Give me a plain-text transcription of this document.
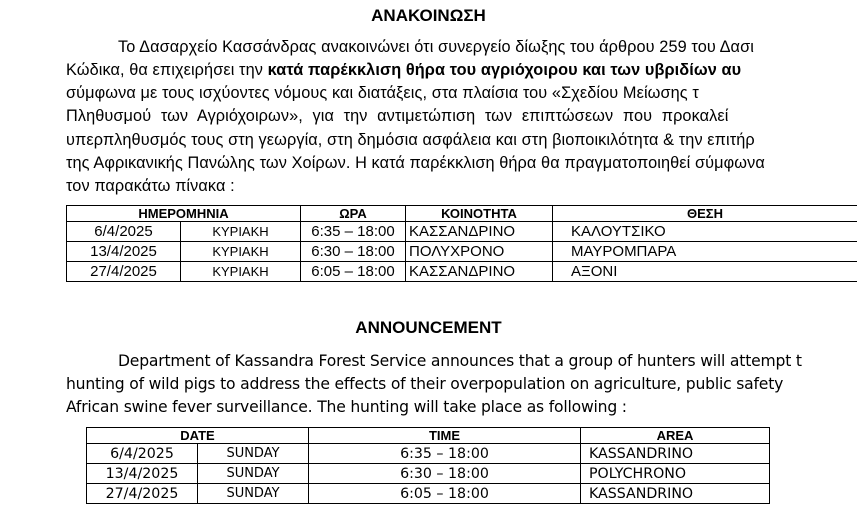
ΑΝΑΚΟΙΝΩΣΗ
Το Δασαρχείο Κασσάνδρας ανακοινώνει ότι συνεργείο δίωξης του άρθρου 259 του Δασι
Κώδικα, θα επιχειρήσει την κατά παρέκκλιση θήρα του αγριόχοιρου και των υβριδίων αυ
σύμφωνα με τους ισχύοντες νόμους και διατάξεις, στα πλαίσια του «Σχεδίου Μείωσης τ
Πληθυσμού των Αγριόχοιρων», για την αντιμετώπιση των επιπτώσεων που προκαλεί
υπερπληθυσμός τους στη γεωργία, στη δημόσια ασφάλεια και στη βιοποικιλότητα & την επιτήρ
της Αφρικανικής Πανώλης των Χοίρων. Η κατά παρέκκλιση θήρα θα πραγματοποιηθεί σύμφωνα
τον παρακάτω πίνακα :
ΗΜΕΡΟΜΗΝΙΑ		ΩΡΑ	ΚΟΙΝΟΤΗΤΑ	ΘΕΣΗ
6/4/2025	ΚΥΡΙΑΚΗ	6:35 – 18:00	ΚΑΣΣΑΝΔΡΙΝΟ	ΚΑΛΟΥΤΣΙΚΟ
13/4/2025	ΚΥΡΙΑΚΗ	6:30 – 18:00	ΠΟΛΥΧΡΟΝΟ	ΜΑΥΡΟΜΠΑΡΑ
27/4/2025	ΚΥΡΙΑΚΗ	6:05 – 18:00	ΚΑΣΣΑΝΔΡΙΝΟ	ΑΞΟΝΙ
ANNOUNCEMENT
Department of Kassandra Forest Service announces that a group of hunters will attempt t
hunting of wild pigs to address the effects of their overpopulation on agriculture, public safety
African swine fever surveillance. The hunting will take place as following :
DATE		TIME	AREA
6/4/2025	SUNDAY	6:35 – 18:00	KASSANDRINO
13/4/2025	SUNDAY	6:30 – 18:00	POLYCHRONO
27/4/2025	SUNDAY	6:05 – 18:00	KASSANDRINO
